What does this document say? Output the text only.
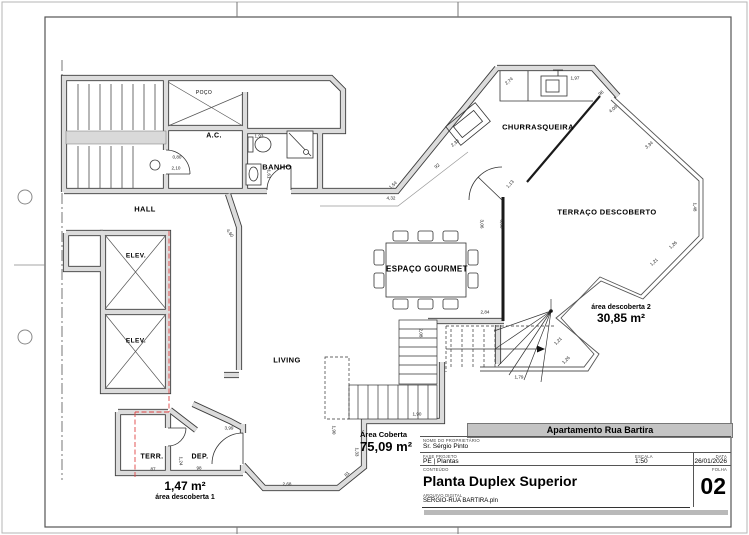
POÇO
A.C.
BANHO
HALL
ELEV.
ELEV.
LIVING
ESPAÇO GOURMET
CHURRASQUEIRA
TERRAÇO DESCOBERTO
TERR.	DEP.
1,93
1,61
0,80
2,10
4,32
1,54
92
2,33
2,74	1,97
96
4,09
3,34
1,48
1,26
1,21
1,21
1,26
1,13
3,06	3,33
2,84
1,79
2,08
1,90
1,90
1,33
81
2,68
3,99
4,60
87	98
1,24
Área Coberta
75,09 m²
1,47 m²
área descoberta 1
área descoberta 2
30,85 m²
Apartamento Rua Bartira
NOME DO PROPRIETÁRIO
Sr. Sérgio Pinto
FASE PROJETO
PE | Plantas
ESCALA
1:50
DATA
26/01/2026
CONTEÚDO
Planta Duplex Superior
FOLHA
02
ARQUIVO DIGITAL
SERGIO-RUA BARTIRA.pln
